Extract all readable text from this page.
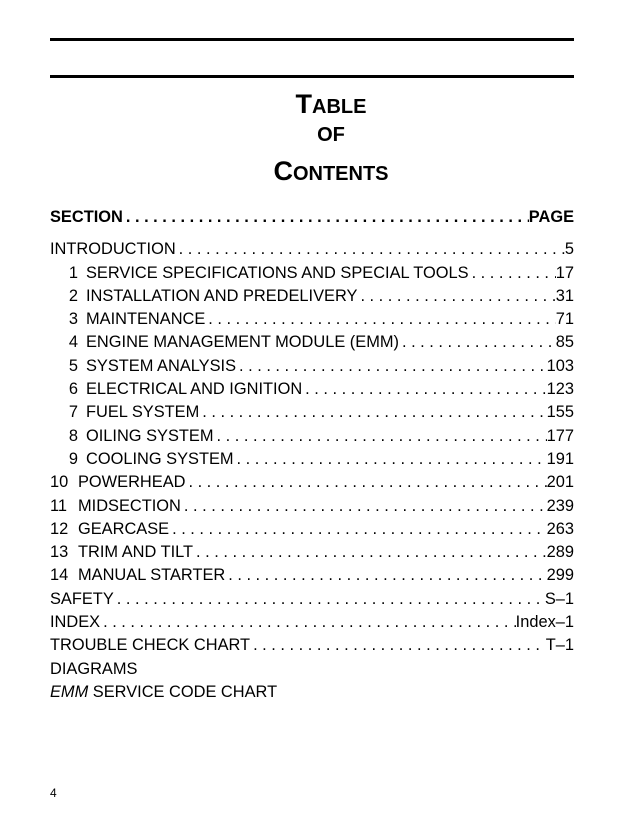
TABLE
OF
CONTENTS
SECTION . . .	PAGE
INTRODUCTION . . .	5
1 SERVICE SPECIFICATIONS AND SPECIAL TOOLS . . .	17
2 INSTALLATION AND PREDELIVERY . . .	31
3 MAINTENANCE . . .	71
4 ENGINE MANAGEMENT MODULE (EMM) . . .	85
5 SYSTEM ANALYSIS . . .	103
6 ELECTRICAL AND IGNITION . . .	123
7 FUEL SYSTEM . . .	155
8 OILING SYSTEM . . .	177
9 COOLING SYSTEM . . .	191
10 POWERHEAD . . .	201
11 MIDSECTION . . .	239
12 GEARCASE . . .	263
13 TRIM AND TILT . . .	289
14 MANUAL STARTER . . .	299
SAFETY . . .	S–1
INDEX . . .	Index–1
TROUBLE CHECK CHART . . .	T–1
DIAGRAMS
EMM SERVICE CODE CHART
4
